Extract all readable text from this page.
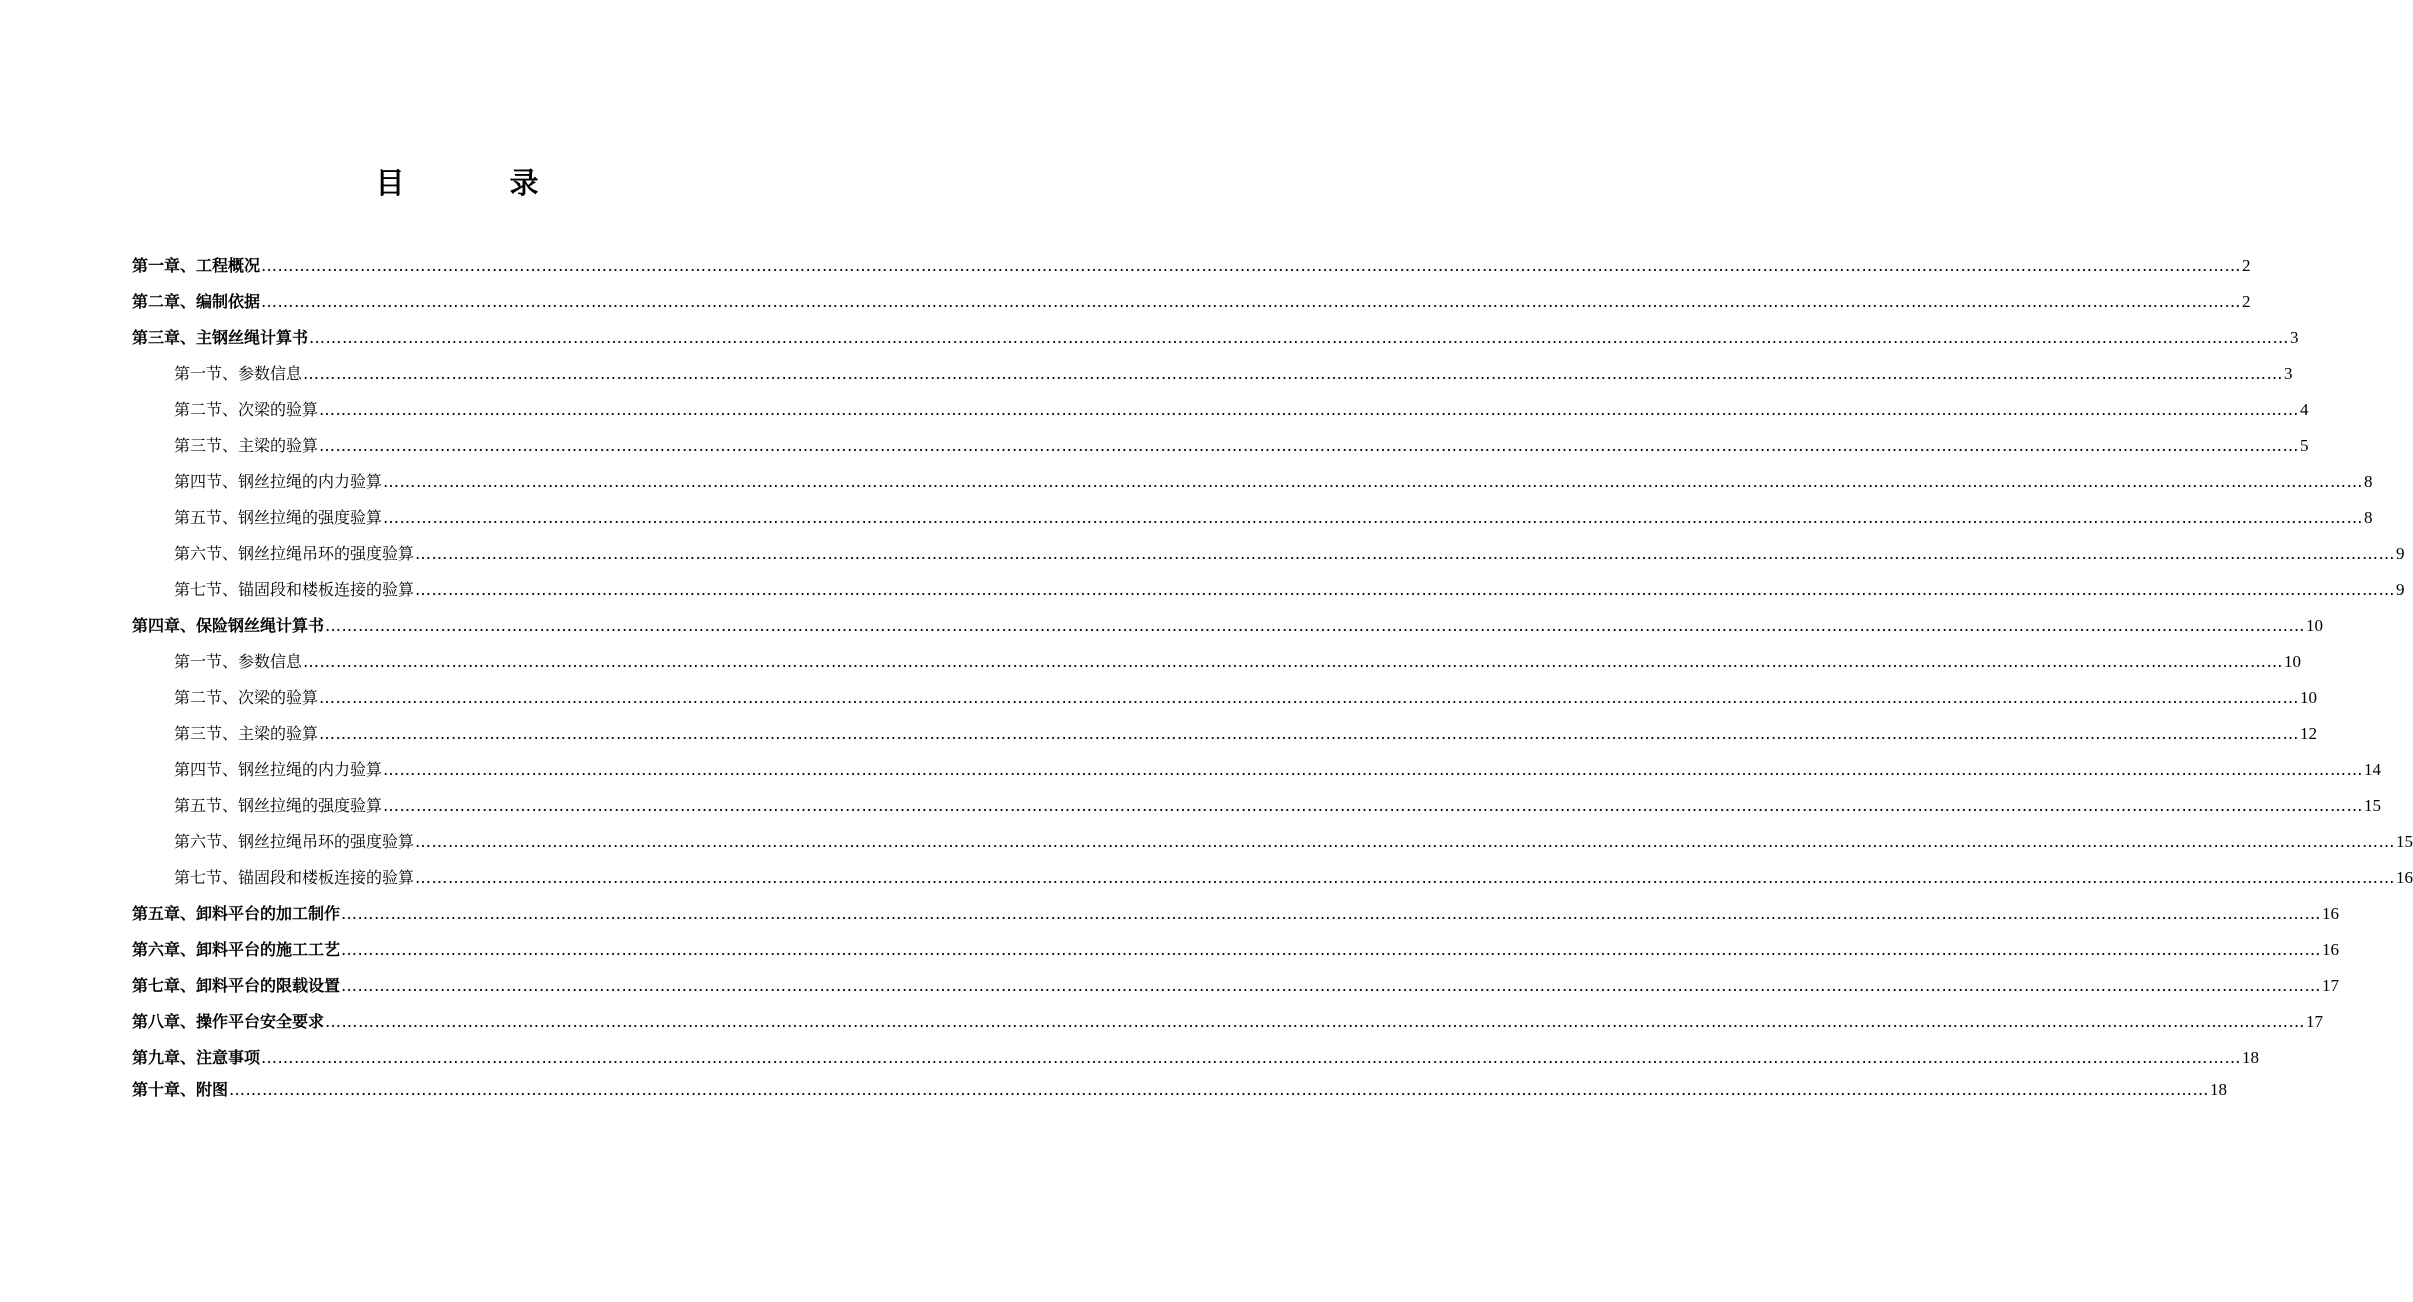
目　录
第一章、工程概况 ……………………………………………………………………………………………………………………………………………………………………………………………………………………………………………………………………………………………………………………………… 2
第二章、编制依据 ……………………………………………………………………………………………………………………………………………………………………………………………………………………………………………………………………………………………………………………………… 2
第三章、主钢丝绳计算书 ……………………………………………………………………………………………………………………………………………………………………………………………………………………………………………………………………………………………………………………………… 3
第一节、参数信息 ……………………………………………………………………………………………………………………………………………………………………………………………………………………………………………………………………………………………………………………………… 3
第二节、次梁的验算 ……………………………………………………………………………………………………………………………………………………………………………………………………………………………………………………………………………………………………………………………… 4
第三节、主梁的验算 ……………………………………………………………………………………………………………………………………………………………………………………………………………………………………………………………………………………………………………………………… 5
第四节、钢丝拉绳的内力验算 ……………………………………………………………………………………………………………………………………………………………………………………………………………………………………………………………………………………………………………………………… 8
第五节、钢丝拉绳的强度验算 ……………………………………………………………………………………………………………………………………………………………………………………………………………………………………………………………………………………………………………………………… 8
第六节、钢丝拉绳吊环的强度验算 ……………………………………………………………………………………………………………………………………………………………………………………………………………………………………………………………………………………………………………………………… 9
第七节、锚固段和楼板连接的验算 ……………………………………………………………………………………………………………………………………………………………………………………………………………………………………………………………………………………………………………………………… 9
第四章、保险钢丝绳计算书 ……………………………………………………………………………………………………………………………………………………………………………………………………………………………………………………………………………………………………………………………… 10
第一节、参数信息 ……………………………………………………………………………………………………………………………………………………………………………………………………………………………………………………………………………………………………………………………… 10
第二节、次梁的验算 ……………………………………………………………………………………………………………………………………………………………………………………………………………………………………………………………………………………………………………………………… 10
第三节、主梁的验算 ……………………………………………………………………………………………………………………………………………………………………………………………………………………………………………………………………………………………………………………………… 12
第四节、钢丝拉绳的内力验算 ……………………………………………………………………………………………………………………………………………………………………………………………………………………………………………………………………………………………………………………………… 14
第五节、钢丝拉绳的强度验算 ……………………………………………………………………………………………………………………………………………………………………………………………………………………………………………………………………………………………………………………………… 15
第六节、钢丝拉绳吊环的强度验算 ……………………………………………………………………………………………………………………………………………………………………………………………………………………………………………………………………………………………………………………………… 15
第七节、锚固段和楼板连接的验算 ……………………………………………………………………………………………………………………………………………………………………………………………………………………………………………………………………………………………………………………………… 16
第五章、卸料平台的加工制作 ……………………………………………………………………………………………………………………………………………………………………………………………………………………………………………………………………………………………………………………………… 16
第六章、卸料平台的施工工艺 ……………………………………………………………………………………………………………………………………………………………………………………………………………………………………………………………………………………………………………………………… 16
第七章、卸料平台的限载设置 ……………………………………………………………………………………………………………………………………………………………………………………………………………………………………………………………………………………………………………………………… 17
第八章、操作平台安全要求 ……………………………………………………………………………………………………………………………………………………………………………………………………………………………………………………………………………………………………………………………… 17
第九章、注意事项 ……………………………………………………………………………………………………………………………………………………………………………………………………………………………………………………………………………………………………………………………… 18
第十章、附图 ……………………………………………………………………………………………………………………………………………………………………………………………………………………………………………………………………………………………………………………………… 18
